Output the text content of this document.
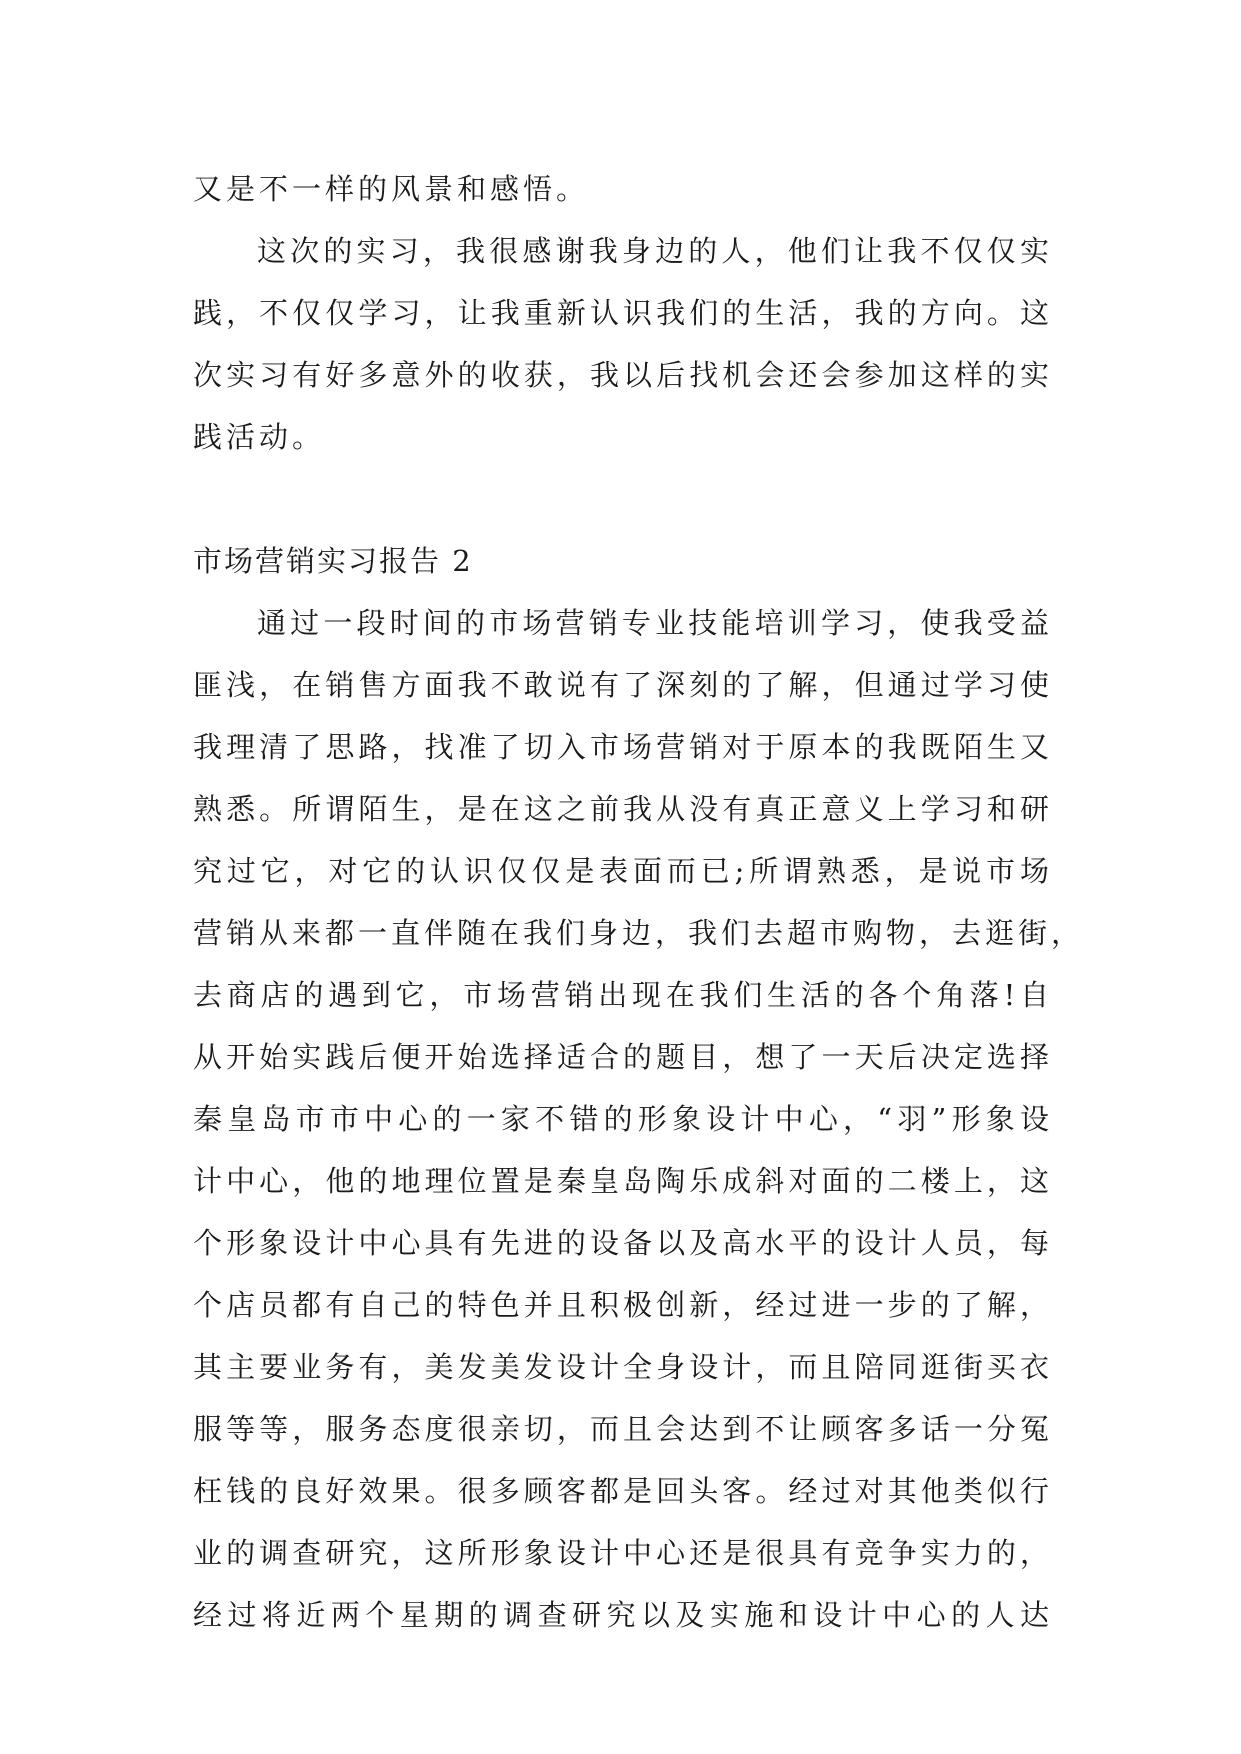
又是不一样的风景和感悟。
这次的实习，我很感谢我身边的人，他们让我不仅仅实
践，不仅仅学习，让我重新认识我们的生活，我的方向。这
次实习有好多意外的收获，我以后找机会还会参加这样的实
践活动。
市场营销实习报告 2
通过一段时间的市场营销专业技能培训学习，使我受益
匪浅，在销售方面我不敢说有了深刻的了解，但通过学习使
我理清了思路，找准了切入市场营销对于原本的我既陌生又
熟悉。所谓陌生，是在这之前我从没有真正意义上学习和研
究过它，对它的认识仅仅是表面而已;所谓熟悉，是说市场
营销从来都一直伴随在我们身边，我们去超市购物，去逛街，
去商店的遇到它，市场营销出现在我们生活的各个角落!自
从开始实践后便开始选择适合的题目，想了一天后决定选择
秦皇岛市市中心的一家不错的形象设计中心，“羽”形象设
计中心，他的地理位置是秦皇岛陶乐成斜对面的二楼上，这
个形象设计中心具有先进的设备以及高水平的设计人员，每
个店员都有自己的特色并且积极创新，经过进一步的了解，
其主要业务有，美发美发设计全身设计，而且陪同逛街买衣
服等等，服务态度很亲切，而且会达到不让顾客多话一分冤
枉钱的良好效果。很多顾客都是回头客。经过对其他类似行
业的调查研究，这所形象设计中心还是很具有竞争实力的，
经过将近两个星期的调查研究以及实施和设计中心的人达
